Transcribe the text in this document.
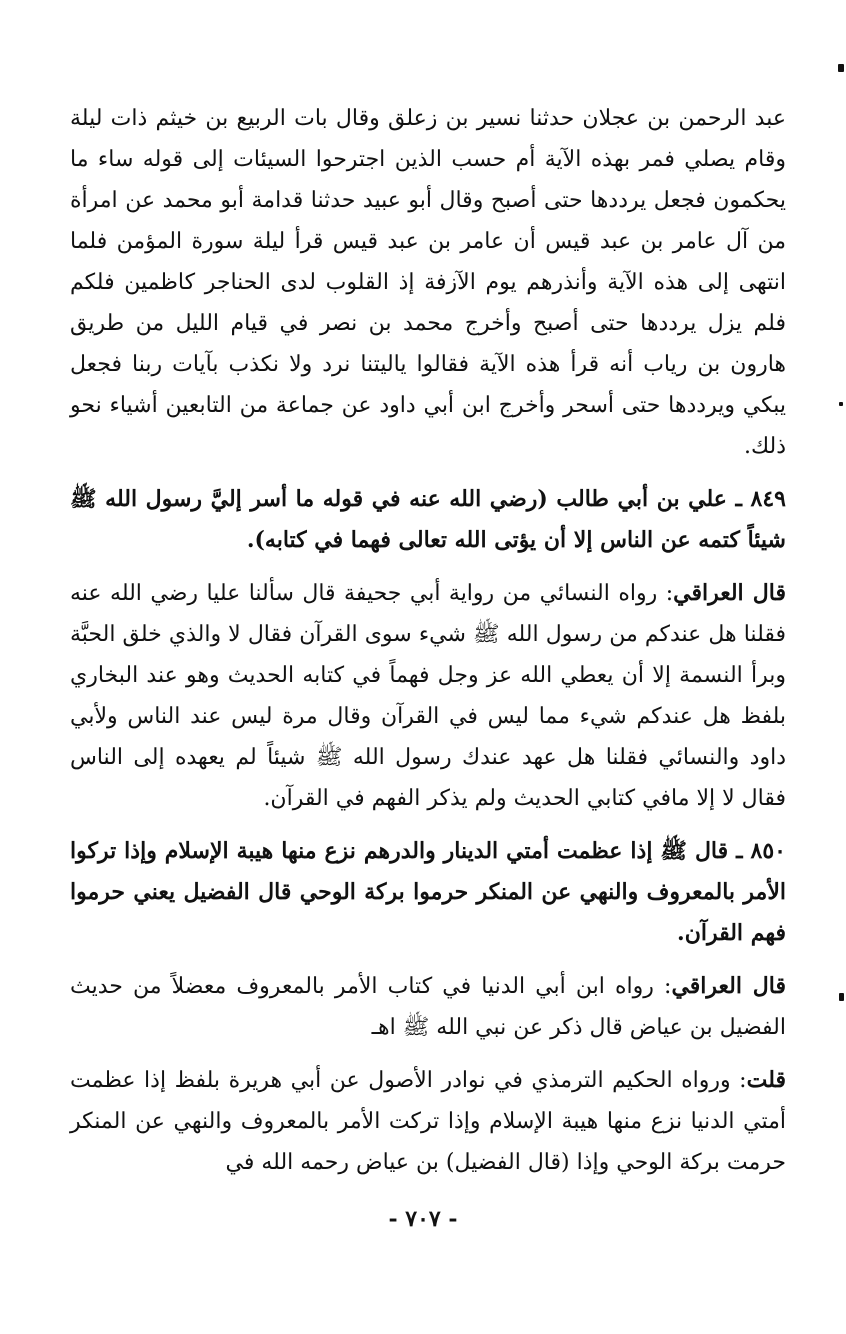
عبد الرحمن بن عجلان حدثنا نسير بن زعلق وقال بات الربيع بن خيثم ذات ليلة وقام يصلي فمر بهذه الآية أم حسب الذين اجترحوا السيئات إلى قوله ساء ما يحكمون فجعل يرددها حتى أصبح وقال أبو عبيد حدثنا قدامة أبو محمد عن امرأة من آل عامر بن عبد قيس أن عامر بن عبد قيس قرأ ليلة سورة المؤمن فلما انتهى إلى هذه الآية وأنذرهم يوم الآزفة إذ القلوب لدى الحناجر كاظمين فلكم فلم يزل يرددها حتى أصبح وأخرج محمد بن نصر في قيام الليل من طريق هارون بن رياب أنه قرأ هذه الآية فقالوا ياليتنا نرد ولا نكذب بآيات ربنا فجعل يبكي ويرددها حتى أسحر وأخرج ابن أبي داود عن جماعة من التابعين أشياء نحو ذلك.

٨٤٩ ـ علي بن أبي طالب (رضي الله عنه في قوله ما أسر إليَّ رسول الله ﷺ شيئاً كتمه عن الناس إلا أن يؤتى الله تعالى فهما في كتابه).

قال العراقي: رواه النسائي من رواية أبي جحيفة قال سألنا عليا رضي الله عنه فقلنا هل عندكم من رسول الله ﷺ شيء سوى القرآن فقال لا والذي خلق الحبَّة وبرأ النسمة إلا أن يعطي الله عز وجل فهماً في كتابه الحديث وهو عند البخاري بلفظ هل عندكم شيء مما ليس في القرآن وقال مرة ليس عند الناس ولأبي داود والنسائي فقلنا هل عهد عندك رسول الله ﷺ شيئاً لم يعهده إلى الناس فقال لا إلا مافي كتابي الحديث ولم يذكر الفهم في القرآن.

٨٥٠ ـ قال ﷺ إذا عظمت أمتي الدينار والدرهم نزع منها هيبة الإسلام وإذا تركوا الأمر بالمعروف والنهي عن المنكر حرموا بركة الوحي قال الفضيل يعني حرموا فهم القرآن.

قال العراقي: رواه ابن أبي الدنيا في كتاب الأمر بالمعروف معضلاً من حديث الفضيل بن عياض قال ذكر عن نبي الله ﷺ اهـ

قلت: ورواه الحكيم الترمذي في نوادر الأصول عن أبي هريرة بلفظ إذا عظمت أمتي الدنيا نزع منها هيبة الإسلام وإذا تركت الأمر بالمعروف والنهي عن المنكر حرمت بركة الوحي وإذا (قال الفضيل) بن عياض رحمه الله في

- ٧٠٧ -
